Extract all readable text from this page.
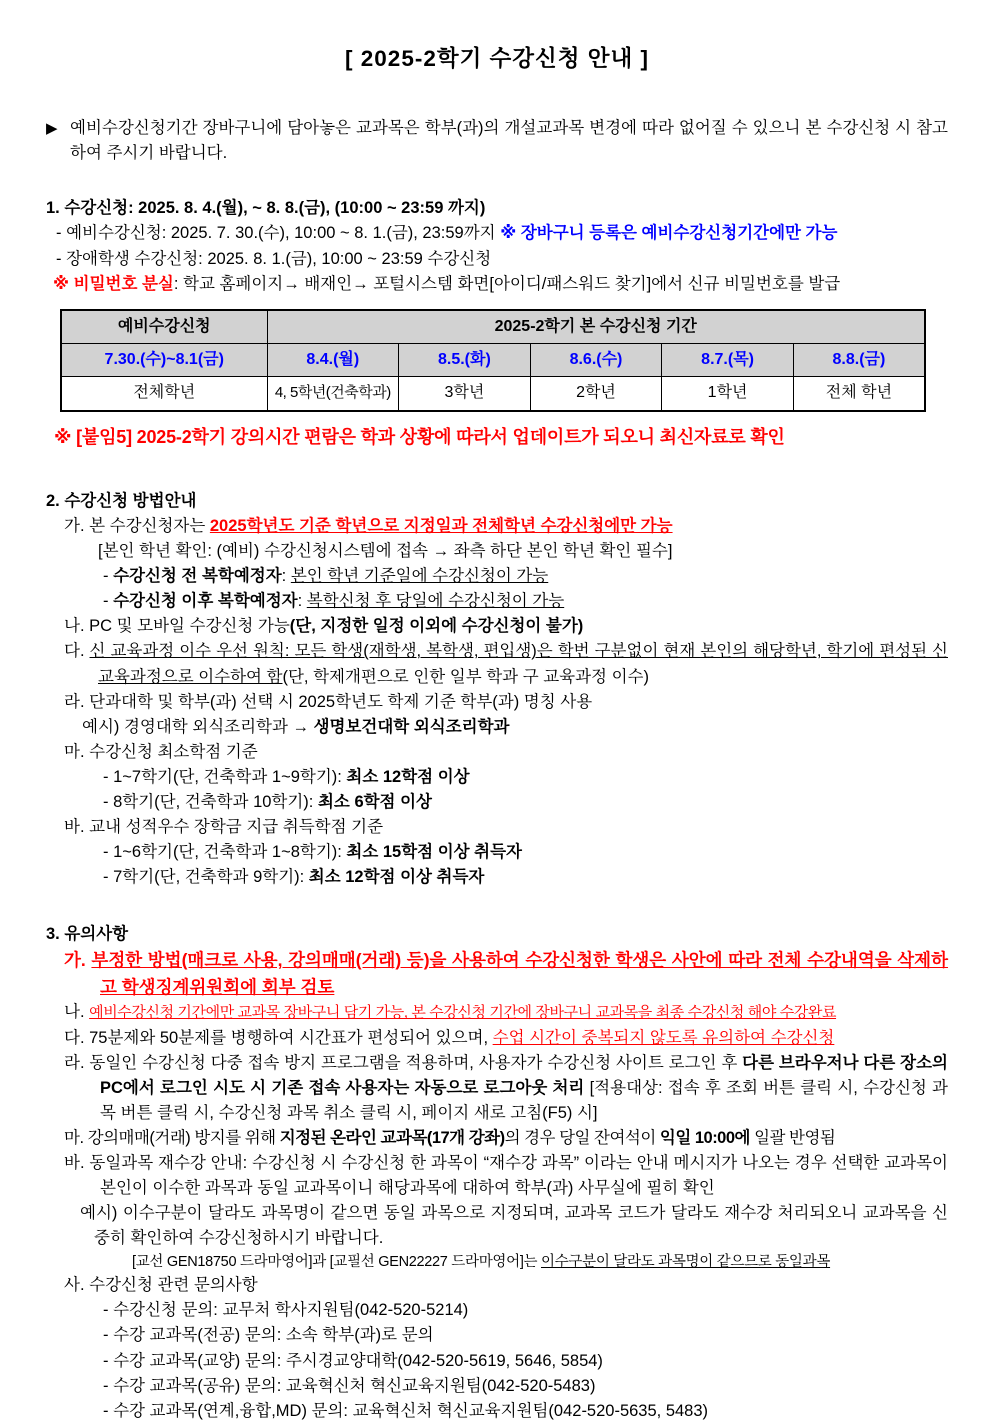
[ 2025-2학기 수강신청 안내 ]
▶ 예비수강신청기간 장바구니에 담아놓은 교과목은 학부(과)의 개설교과목 변경에 따라 없어질 수 있으니 본 수강신청 시 참고하여 주시기 바랍니다.
1. 수강신청: 2025. 8. 4.(월), ~ 8. 8.(금), (10:00 ~ 23:59 까지)
- 예비수강신청: 2025. 7. 30.(수), 10:00 ~ 8. 1.(금), 23:59까지 ※ 장바구니 등록은 예비수강신청기간에만 가능
- 장애학생 수강신청: 2025. 8. 1.(금), 10:00 ~ 23:59 수강신청
※ 비밀번호 분실: 학교 홈페이지→ 배재인→ 포털시스템 화면[아이디/패스워드 찾기]에서 신규 비밀번호를 발급
예비수강신청	2025-2학기 본 수강신청 기간				
7.30.(수)~8.1(금)	8.4.(월)	8.5.(화)	8.6.(수)	8.7.(목)	8.8.(금)
전체학년	4, 5학년(건축학과)	3학년	2학년	1학년	전체 학년
※ [붙임5] 2025-2학기 강의시간 편람은 학과 상황에 따라서 업데이트가 되오니 최신자료로 확인
2. 수강신청 방법안내
가. 본 수강신청자는 2025학년도 기준 학년으로 지정일과 전체학년 수강신청에만 가능
[본인 학년 확인: (예비) 수강신청시스템에 접속 → 좌측 하단 본인 학년 확인 필수]
- 수강신청 전 복학예정자: 본인 학년 기준일에 수강신청이 가능
- 수강신청 이후 복학예정자: 복학신청 후 당일에 수강신청이 가능
나. PC 및 모바일 수강신청 가능(단, 지정한 일정 이외에 수강신청이 불가)
다. 신 교육과정 이수 우선 원칙: 모든 학생(재학생, 복학생, 편입생)은 학번 구분없이 현재 본인의 해당학년, 학기에 편성된 신 교육과정으로 이수하여 함(단, 학제개편으로 인한 일부 학과 구 교육과정 이수)
라. 단과대학 및 학부(과) 선택 시 2025학년도 학제 기준 학부(과) 명칭 사용
예시) 경영대학 외식조리학과 → 생명보건대학 외식조리학과
마. 수강신청 최소학점 기준
- 1~7학기(단, 건축학과 1~9학기): 최소 12학점 이상
- 8학기(단, 건축학과 10학기): 최소 6학점 이상
바. 교내 성적우수 장학금 지급 취득학점 기준
- 1~6학기(단, 건축학과 1~8학기): 최소 15학점 이상 취득자
- 7학기(단, 건축학과 9학기): 최소 12학점 이상 취득자
3. 유의사항
가. 부정한 방법(매크로 사용, 강의매매(거래) 등)을 사용하여 수강신청한 학생은 사안에 따라 전체 수강내역을 삭제하고 학생징계위원회에 회부 검토
나. 예비수강신청 기간에만 교과목 장바구니 담기 가능, 본 수강신청 기간에 장바구니 교과목을 최종 수강신청 해야 수강완료
다. 75분제와 50분제를 병행하여 시간표가 편성되어 있으며, 수업 시간이 중복되지 않도록 유의하여 수강신청
라. 동일인 수강신청 다중 접속 방지 프로그램을 적용하며, 사용자가 수강신청 사이트 로그인 후 다른 브라우저나 다른 장소의 PC에서 로그인 시도 시 기존 접속 사용자는 자동으로 로그아웃 처리 [적용대상: 접속 후 조회 버튼 클릭 시, 수강신청 과목 버튼 클릭 시, 수강신청 과목 취소 클릭 시, 페이지 새로 고침(F5) 시]
마. 강의매매(거래) 방지를 위해 지정된 온라인 교과목(17개 강좌)의 경우 당일 잔여석이 익일 10:00에 일괄 반영됨
바. 동일과목 재수강 안내: 수강신청 시 수강신청 한 과목이 “재수강 과목” 이라는 안내 메시지가 나오는 경우 선택한 교과목이 본인이 이수한 과목과 동일 교과목이니 해당과목에 대하여 학부(과) 사무실에 필히 확인
예시) 이수구분이 달라도 과목명이 같으면 동일 과목으로 지정되며, 교과목 코드가 달라도 재수강 처리되오니 교과목을 신중히 확인하여 수강신청하시기 바랍니다.
[교선 GEN18750 드라마영어]과 [교필선 GEN22227 드라마영어]는 이수구분이 달라도 과목명이 같으므로 동일과목
사. 수강신청 관련 문의사항
- 수강신청 문의: 교무처 학사지원팀(042-520-5214)
- 수강 교과목(전공) 문의: 소속 학부(과)로 문의
- 수강 교과목(교양) 문의: 주시경교양대학(042-520-5619, 5646, 5854)
- 수강 교과목(공유) 문의: 교육혁신처 혁신교육지원팀(042-520-5483)
- 수강 교과목(연계,융합,MD) 문의: 교육혁신처 혁신교육지원팀(042-520-5635, 5483)
